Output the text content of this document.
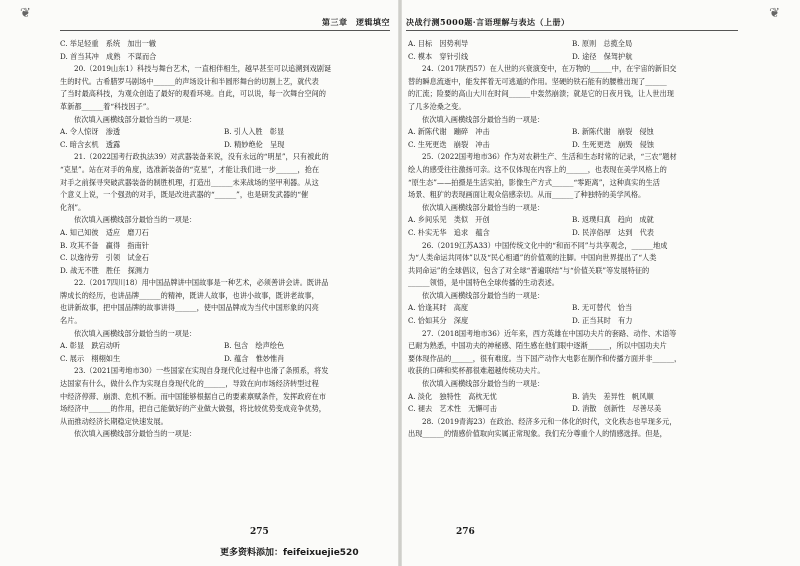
❦
第三章　逻辑填空
C. 举足轻重　系统　加出一辙
D. 首当其冲　成熟　不谋而合
20.（2019山东1）科技与舞台艺术，一直相伴相生，越早甚至可以追溯到戏剧诞
生的时代。古希腊罗马剧场中______的声场设计和半圆形舞台的切割上艺，就代表
了当时最高科技，为观众创造了最好的观看环境。自此，可以说，每一次舞台空间的
革新都______着“科技因子”。
依次填入画横线部分最恰当的一项是：
A. 令人惊讶　渗透	B. 引人入胜　彰显
C. 暗含玄机　透露	D. 精妙绝伦　呈现
21.（2022国考行政执法39）对武器装备来说，没有永远的“明星”，只有被此的
“克星”。站在对手的角度，选准新装备的“克星”，才能让我们进一步______，抢在
对手之前探寻突破武器装备的制胜机理，打造出______未来战场的坚甲利器。从这
个意义上说，一个强劲的对手，既是改进武器的“______”，也是研发武器的“催
化剂”。
依次填入画横线部分最恰当的一项是：
A. 知己知彼　适应　磨刀石
B. 攻其不备　赢得　指南针
C. 以逸待劳　引领　试金石
D. 战无不胜　胜任　探测力
22.（2017四川18）用中国品牌讲中国故事是一种艺术，必须善讲会讲。既讲品
牌成长的经历，也讲品牌______的精神，既讲人故事，也讲小故事，既讲老故事，
也讲新故事，把中国品牌的故事讲得______，使中国品牌成为当代中国形象的闪亮
名片。
依次填入画横线部分最恰当的一项是：
A. 彰显　跌宕动听	B. 包含　绘声绘色
C. 展示　栩栩如生	D. 蕴含　惟妙惟肖
23.（2021国考地市30）一些国家在实现自身现代化过程中也滑了条照系，将发
达国家有什么，做什么作为实现自身现代化的______，导致在向市场经济转型过程
中经济停滞、崩溃、危机不断。而中国能够根据自己的要素禀赋条件，发挥政府在市
场经济中______的作用，把自己能做好的产业做大做强，将比较优势变成竞争优势，
从而推动经济长期稳定快速发展。
依次填入画横线部分最恰当的一项是：
275
❦
决战行测5000题·言语理解与表达（上册）
A. 目标　因势利导	B. 原则　总揽全局
C. 模本　穿针引线	D. 途径　保驾护航
24.（2017陕西57）在人世的兴衰演变中，在万物的______中，在宇宙的新旧交
替的瞬息流逝中，能发挥着无可逃遁的作用。坚硬的铁石能有的腰椎出现了______
的汇流；险要的高山大川在时间______中轰然崩溃；就是它的日夜月钱，让人世出现
了几多沧桑之变。
依次填入画横线部分最恰当的一项是：
A. 新陈代谢　蹦碎　冲击	B. 新陈代谢　崩裂　侵蚀
C. 生死更迭　崩裂　冲击	D. 生死更迭　崩毁　侵蚀
25.（2022国考地市36）作为对农耕生产、生活和生态时常的记录，“三农”题材
绘人的感受往往激扬可亲。这不仅体现在内容上的______，也表现在美学风格上的
“原生态”——拍摄是生活实拍，影像生产方式______“零距离”，这种真实的生活
场景、粗犷的表现画面让观众倍感亲切。从而______了种独特的美学风格。
依次填入画横线部分最恰当的一项是：
A. 乡间乐见　类似　开创	B. 返璞归真　趋向　成就
C. 朴实无华　追求　蕴含	D. 民淳俗厚　达到　代表
26.（2019江苏A33）中国传统文化中的“和而不同”与共享观念，______地成
为“人类命运共同体”以及“民心相通”的价值观的注脚。中国向世界提出了“人类
共同命运”的全球倡议，包含了对全球“普遍联结”与“价值关联”等发展特征的
______领悟，是中国特色全球传播的生动表述。
依次填入画横线部分最恰当的一项是：
A. 恰逢其时　高度	B. 无可替代　恰当
C. 恰如其分　深度	D. 正当其时　有力
27.（2018国考地市36）近年来，西方英雄在中国功夫片的套路、动作、术语等
已耐为熟悉，中国功夫的神秘感、陌生感在他们眼中逐渐______，所以中国功夫片
要体现作品的______，很有难度。当下国产动作大电影在制作和传播方面并非______，
收获的口碑和奖杯都很难超越传统功夫片。
依次填入画横线部分最恰当的一项是：
A. 淡化　独特性　高枕无忧	B. 消失　差异性　帆风顺
C. 褪去　艺术性　无懈可击	D. 消散　创新性　尽善尽美
28.（2019青海23）在政治、经济多元和一体化的时代，文化秩态也早现多元，
出现______的情感价值取向实属正常现象。我们充分尊重个人的情感选择。但是，
276
更多资料添加：feifeixuejie520
